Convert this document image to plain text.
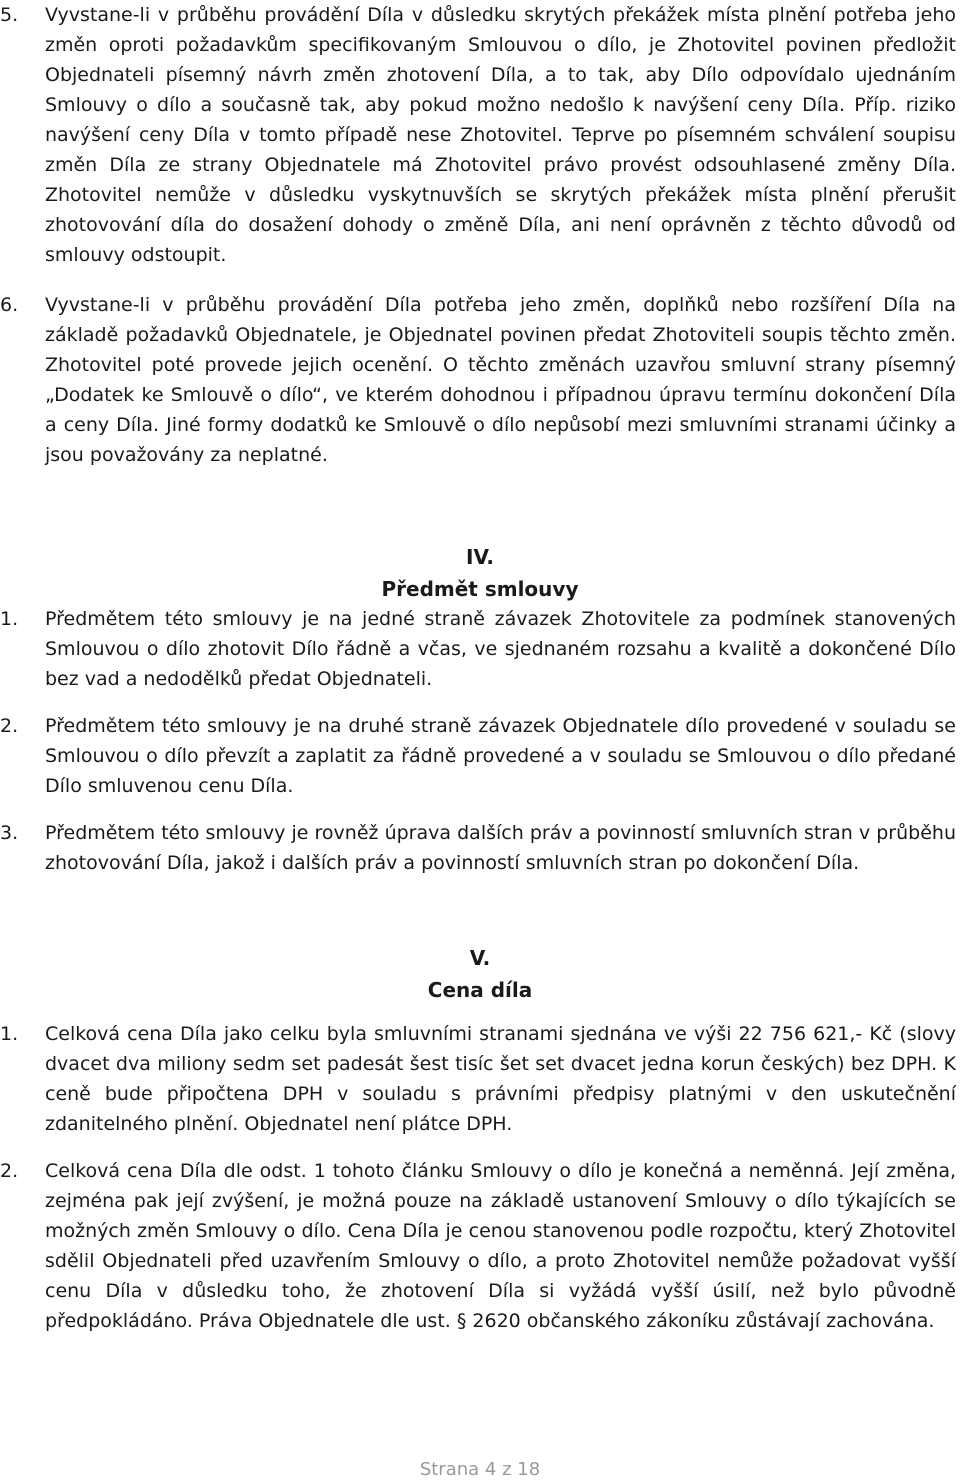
5. Vyvstane-li v průběhu provádění Díla v důsledku skrytých překážek místa plnění potřeba jeho změn oproti požadavkům specifikovaným Smlouvou o dílo, je Zhotovitel povinen předložit Objednateli písemný návrh změn zhotovení Díla, a to tak, aby Dílo odpovídalo ujednáním Smlouvy o dílo a současně tak, aby pokud možno nedošlo k navýšení ceny Díla. Příp. riziko navýšení ceny Díla v tomto případě nese Zhotovitel. Teprve po písemném schválení soupisu změn Díla ze strany Objednatele má Zhotovitel právo provést odsouhlasené změny Díla. Zhotovitel nemůže v důsledku vyskytnuvších se skrytých překážek místa plnění přerušit zhotovování díla do dosažení dohody o změně Díla, ani není oprávněn z těchto důvodů od smlouvy odstoupit.

6. Vyvstane-li v průběhu provádění Díla potřeba jeho změn, doplňků nebo rozšíření Díla na základě požadavků Objednatele, je Objednatel povinen předat Zhotoviteli soupis těchto změn. Zhotovitel poté provede jejich ocenění. O těchto změnách uzavřou smluvní strany písemný „Dodatek ke Smlouvě o dílo“, ve kterém dohodnou i případnou úpravu termínu dokončení Díla a ceny Díla. Jiné formy dodatků ke Smlouvě o dílo nepůsobí mezi smluvními stranami účinky a jsou považovány za neplatné.

IV.

Předmět smlouvy

1. Předmětem této smlouvy je na jedné straně závazek Zhotovitele za podmínek stanovených Smlouvou o dílo zhotovit Dílo řádně a včas, ve sjednaném rozsahu a kvalitě a dokončené Dílo bez vad a nedodělků předat Objednateli.

2. Předmětem této smlouvy je na druhé straně závazek Objednatele dílo provedené v souladu se Smlouvou o dílo převzít a zaplatit za řádně provedené a v souladu se Smlouvou o dílo předané Dílo smluvenou cenu Díla.

3. Předmětem této smlouvy je rovněž úprava dalších práv a povinností smluvních stran v průběhu zhotovování Díla, jakož i dalších práv a povinností smluvních stran po dokončení Díla.

V.

Cena díla

1. Celková cena Díla jako celku byla smluvními stranami sjednána ve výši 22 756 621,- Kč (slovy dvacet dva miliony sedm set padesát šest tisíc šet set dvacet jedna korun českých) bez DPH. K ceně bude připočtena DPH v souladu s právními předpisy platnými v den uskutečnění zdanitelného plnění. Objednatel není plátce DPH.

2. Celková cena Díla dle odst. 1 tohoto článku Smlouvy o dílo je konečná a neměnná. Její změna, zejména pak její zvýšení, je možná pouze na základě ustanovení Smlouvy o dílo týkajících se možných změn Smlouvy o dílo. Cena Díla je cenou stanovenou podle rozpočtu, který Zhotovitel sdělil Objednateli před uzavřením Smlouvy o dílo, a proto Zhotovitel nemůže požadovat vyšší cenu Díla v důsledku toho, že zhotovení Díla si vyžádá vyšší úsilí, než bylo původně předpokládáno. Práva Objednatele dle ust. § 2620 občanského zákoníku zůstávají zachována.

Strana 4 z 18
